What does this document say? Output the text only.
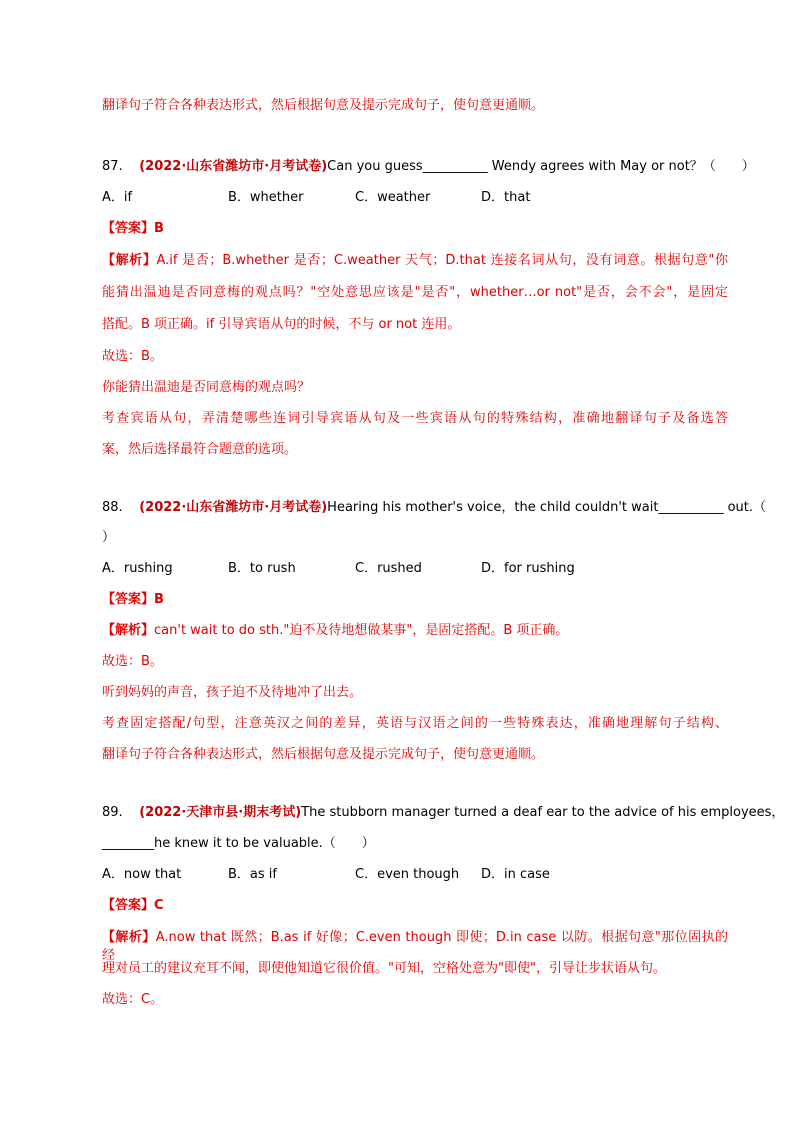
翻译句子符合各种表达形式，然后根据句意及提示完成句子，使句意更通顺。
87. (2022·山东省潍坊市·月考试卷)Can you guess__________ Wendy agrees with May or not？（　　）
A．if	B．whether	C．weather	D．that
【答案】B
【解析】A.if 是否；B.whether 是否；C.weather 天气；D.that 连接名词从句，没有词意。根据句意"你
能猜出温迪是否同意梅的观点吗？"空处意思应该是"是否"，whether…or not"是否，会不会"，是固定
搭配。B 项正确。if 引导宾语从句的时候，不与 or not 连用。
故选：B。
你能猜出温迪是否同意梅的观点吗？
考查宾语从句，弄清楚哪些连词引导宾语从句及一些宾语从句的特殊结构，准确地翻译句子及备选答
案，然后选择最符合题意的选项。
88. (2022·山东省潍坊市·月考试卷)Hearing his mother's voice，the child couldn't wait__________ out.（
）
A．rushing	B．to rush	C．rushed	D．for rushing
【答案】B
【解析】can't wait to do sth."迫不及待地想做某事"，是固定搭配。B 项正确。
故选：B。
听到妈妈的声音，孩子迫不及待地冲了出去。
考查固定搭配/句型，注意英汉之间的差异，英语与汉语之间的一些特殊表达，准确地理解句子结构、
翻译句子符合各种表达形式，然后根据句意及提示完成句子，使句意更通顺。
89. (2022·天津市县·期末考试)The stubborn manager turned a deaf ear to the advice of his employees，
________he knew it to be valuable.（　　）
A．now that	B．as if	C．even though D．in case
【答案】C
【解析】A.now that 既然；B.as if 好像；C.even though 即使；D.in case 以防。根据句意"那位固执的经
理对员工的建议充耳不闻，即使他知道它很价值。"可知，空格处意为"即使"，引导让步状语从句。
故选：C。
